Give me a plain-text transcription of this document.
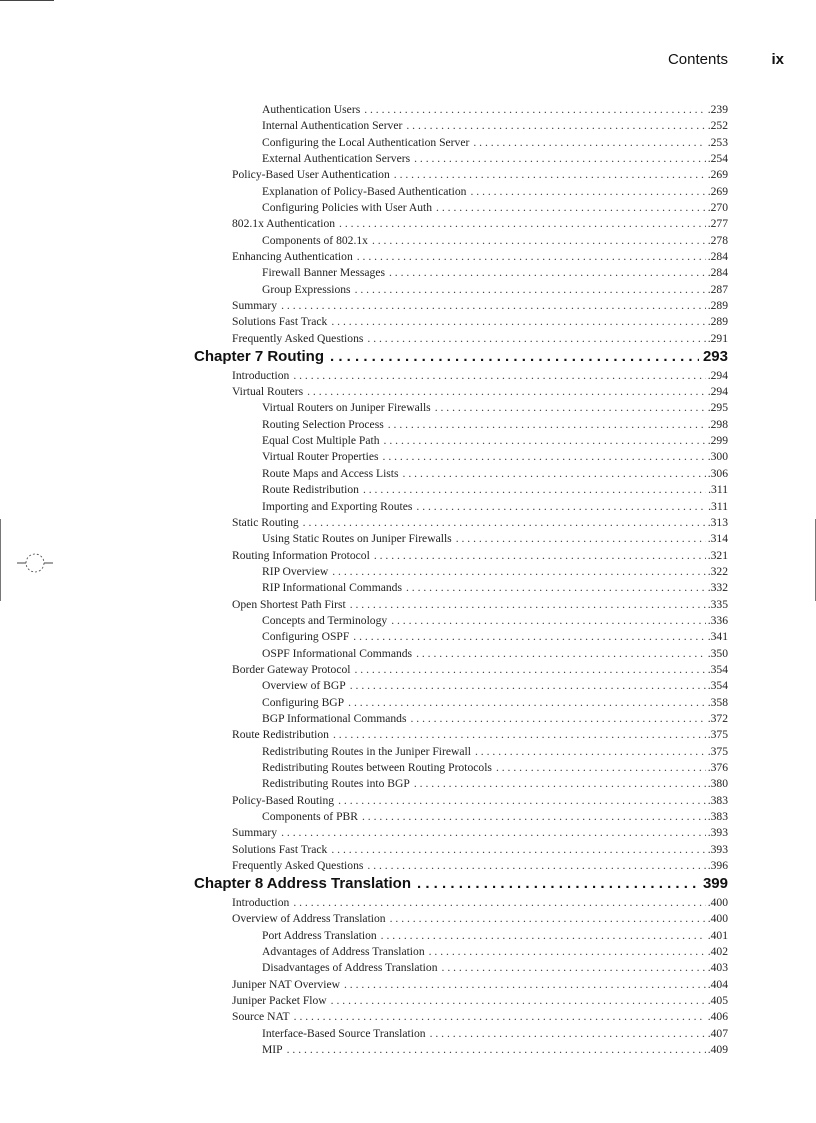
Contents	ix
Authentication Users . . .	.239
Internal Authentication Server . . .	.252
Configuring the Local Authentication Server . . .	.253
External Authentication Servers . . .	.254
Policy-Based User Authentication . . .	.269
Explanation of Policy-Based Authentication . . .	.269
Configuring Policies with User Auth . . .	.270
802.1x Authentication . . .	.277
Components of 802.1x . . .	.278
Enhancing Authentication . . .	.284
Firewall Banner Messages . . .	.284
Group Expressions . . .	.287
Summary . . .	.289
Solutions Fast Track . . .	.289
Frequently Asked Questions . . .	.291
Chapter 7 Routing . . .	293
Introduction . . .	.294
Virtual Routers . . .	.294
Virtual Routers on Juniper Firewalls . . .	.295
Routing Selection Process . . .	.298
Equal Cost Multiple Path . . .	.299
Virtual Router Properties . . .	.300
Route Maps and Access Lists . . .	.306
Route Redistribution . . .	.311
Importing and Exporting Routes . . .	.311
Static Routing . . .	.313
Using Static Routes on Juniper Firewalls . . .	.314
Routing Information Protocol . . .	.321
RIP Overview . . .	.322
RIP Informational Commands . . .	.332
Open Shortest Path First . . .	.335
Concepts and Terminology . . .	.336
Configuring OSPF . . .	.341
OSPF Informational Commands . . .	.350
Border Gateway Protocol . . .	.354
Overview of BGP . . .	.354
Configuring BGP . . .	.358
BGP Informational Commands . . .	.372
Route Redistribution . . .	.375
Redistributing Routes in the Juniper Firewall . . .	.375
Redistributing Routes between Routing Protocols . . .	.376
Redistributing Routes into BGP . . .	.380
Policy-Based Routing . . .	.383
Components of PBR . . .	.383
Summary . . .	.393
Solutions Fast Track . . .	.393
Frequently Asked Questions . . .	.396
Chapter 8 Address Translation . . .	399
Introduction . . .	.400
Overview of Address Translation . . .	.400
Port Address Translation . . .	.401
Advantages of Address Translation . . .	.402
Disadvantages of Address Translation . . .	.403
Juniper NAT Overview . . .	.404
Juniper Packet Flow . . .	.405
Source NAT . . .	.406
Interface-Based Source Translation . . .	.407
MIP . . .	.409
